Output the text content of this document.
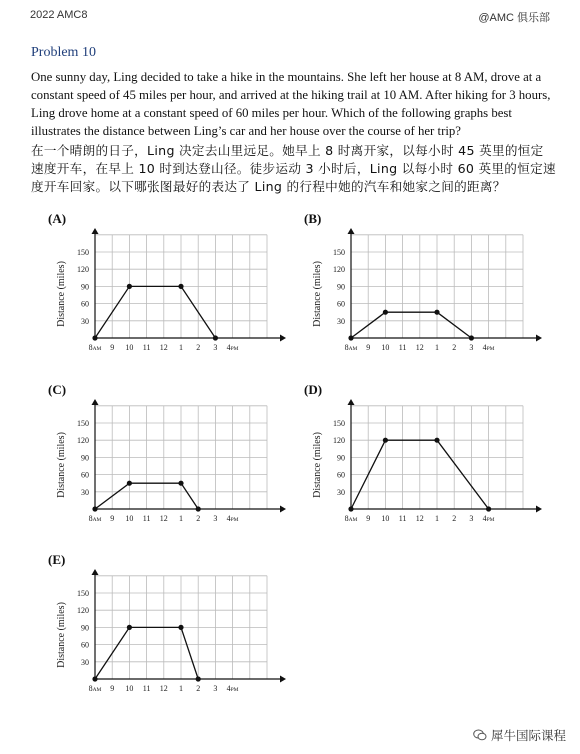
2022 AMC8	@AMC 俱乐部
Problem 10
One sunny day, Ling decided to take a hike in the mountains. She left her house at 8 AM, drove at a constant speed of 45 miles per hour, and arrived at the hiking trail at 10 AM. After hiking for 3 hours, Ling drove home at a constant speed of 60 miles per hour. Which of the following graphs best illustrates the distance between Ling’s car and her house over the course of her trip?
在一个晴朗的日子，Ling 决定去山里远足。她早上 8 时离开家，以每小时 45 英里的恒定速度开车，在早上 10 时到达登山径。徒步运动 3 小时后，Ling 以每小时 60 英里的恒定速度开车回家。以下哪张图最好的表达了 Ling 的行程中她的汽车和她家之间的距离？
(A)
30
60
90
120
150
8AM 9 10 11 12 1 2 3 4PM
Distance (miles)
(B)
30
60
90
120
150
8AM 9 10 11 12 1 2 3 4PM
Distance (miles)
(C)
30
60
90
120
150
8AM 9 10 11 12 1 2 3 4PM
Distance (miles)
(D)
30
60
90
120
150
8AM 9 10 11 12 1 2 3 4PM
Distance (miles)
(E)
30
60
90
120
150
8AM 9 10 11 12 1 2 3 4PM
Distance (miles)
犀牛国际课程
